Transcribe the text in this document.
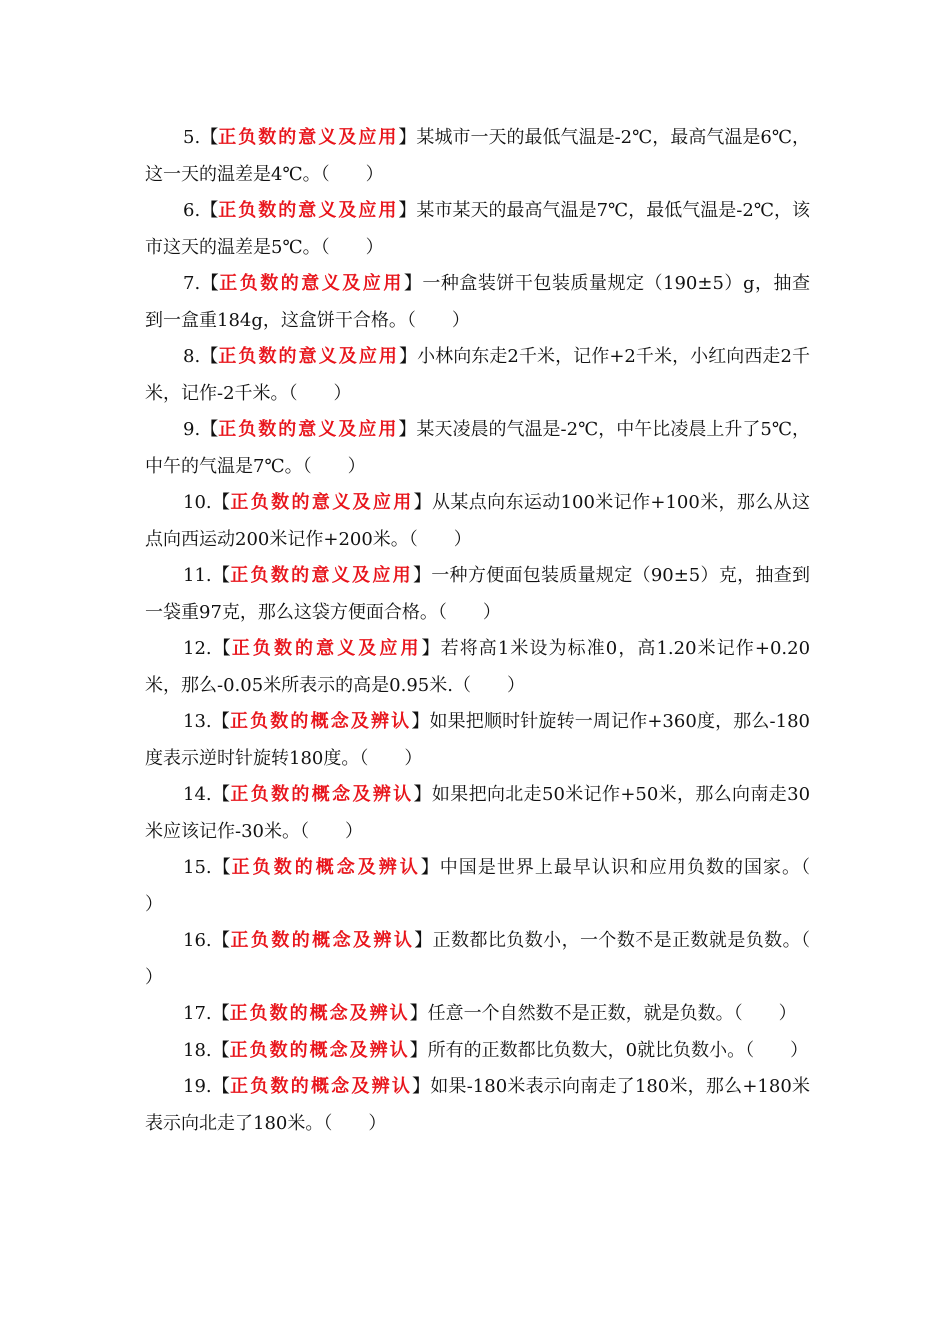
5.【正负数的意义及应用】某城市一天的最低气温是-2℃，最高气温是6℃，这一天的温差是4℃。（　　）

6.【正负数的意义及应用】某市某天的最高气温是7℃，最低气温是-2℃，该市这天的温差是5℃。（　　）

7.【正负数的意义及应用】一种盒装饼干包装质量规定（190±5）g，抽查到一盒重184g，这盒饼干合格。（　　）

8.【正负数的意义及应用】小林向东走2千米，记作+2千米，小红向西走2千米，记作-2千米。（　　）

9.【正负数的意义及应用】某天凌晨的气温是-2℃，中午比凌晨上升了5℃，中午的气温是7℃。（　　）

10.【正负数的意义及应用】从某点向东运动100米记作+100米，那么从这点向西运动200米记作+200米。（　　）

11.【正负数的意义及应用】一种方便面包装质量规定（90±5）克，抽查到一袋重97克，那么这袋方便面合格。（　　）

12.【正负数的意义及应用】若将高1米设为标准0，高1.20米记作+0.20米，那么-0.05米所表示的高是0.95米.（　　）

13.【正负数的概念及辨认】如果把顺时针旋转一周记作+360度，那么-180度表示逆时针旋转180度。（　　）

14.【正负数的概念及辨认】如果把向北走50米记作+50米，那么向南走30米应该记作-30米。（　　）

15.【正负数的概念及辨认】中国是世界上最早认识和应用负数的国家。（　　）

16.【正负数的概念及辨认】正数都比负数小，一个数不是正数就是负数。（　　）

17.【正负数的概念及辨认】任意一个自然数不是正数，就是负数。（　　）

18.【正负数的概念及辨认】所有的正数都比负数大，0就比负数小。（　　）

19.【正负数的概念及辨认】如果-180米表示向南走了180米，那么+180米表示向北走了180米。（　　）
